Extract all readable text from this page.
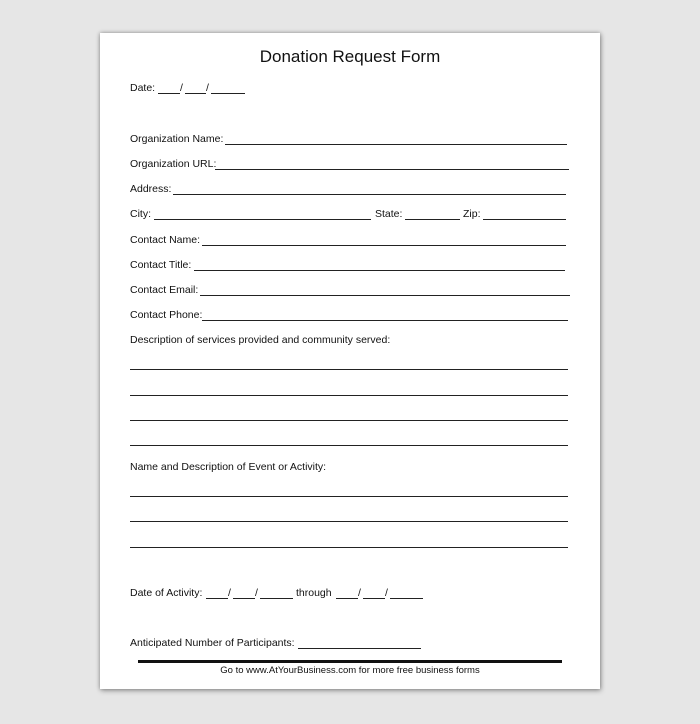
Donation Request Form
Date: / /
Organization Name:
Organization URL:
Address:
City:	State:	Zip:
Contact Name:
Contact Title:
Contact Email:
Contact Phone:
Description of services provided and community served:
Name and Description of Event or Activity:
Date of Activity: / /	through	/ /
Anticipated Number of Participants:
Go to www.AtYourBusiness.com for more free business forms
